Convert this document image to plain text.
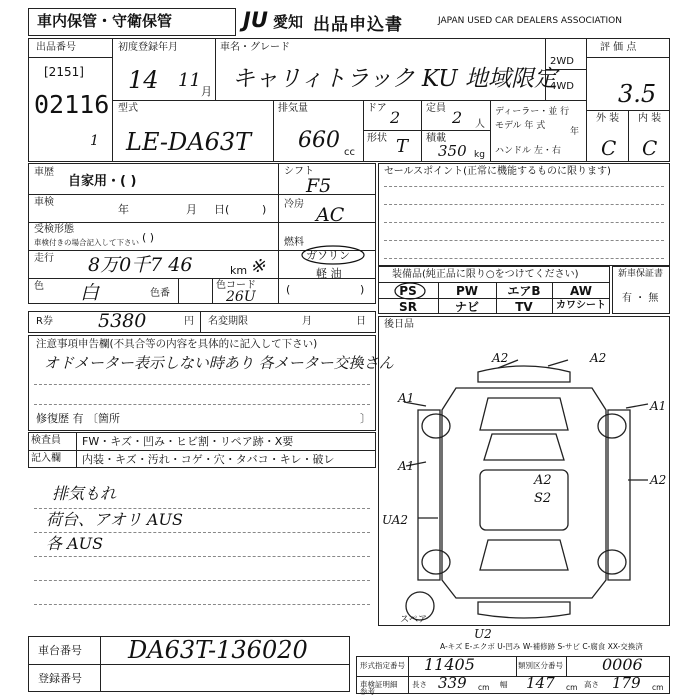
車内保管・守衛保管	JU 愛知 出品申込書	JAPAN USED CAR DEALERS ASSOCIATION
出品番号
[2151]
02116
1
初度登録年月
14 11
月
車名・グレード
キャリィトラック KU 地域限定
2WD
4WD
評 価 点
3.5
外 装 内 装
C C
型式
LE-DA63T
排気量
660 cc
ドア 2	定員 2 人
形状 T 積載
350 kg
ディーラー・並 行
モデル 年 式
年
ハンドル 左・右
車歴
自家用・( )
車検
年	月 日(	)
受検形態
車検付きの場合記入して下さい ( )
走行 8万0千7 46	km ※
色 白	色番
色コード
26U
シフト
F5
冷房 AC
燃料
ガソリン
軽 油
(	)
セールスポイント(正常に機能するものに限ります)
装備品(純正品に限り○をつけてください)
PS	PW	エアB	AW
SR	ナビ	TV	カワシート
新車保証書
有 ・ 無
R券 5380	円 名変期限	月	日
注意事項申告欄(不具合等の内容を具体的に記入して下さい)
オドメーター表示しない時あり 各メーター交換さん
修復歴 有 〔箇所	〕
検査員
記入欄
FW・キズ・凹み・ヒビ割・リペア跡・X要
内装・キズ・汚れ・コゲ・穴・タバコ・キレ・破レ
排気もれ
荷台、アオリ AUS
各 AUS
後日品
A2	A2
A1
A1
A1
A2
A2
S2
UA2
U2
スペア
A-キズ E-エクボ U-凹み W-補修跡 S-サビ C-腐食 XX-交換済
車台番号 DA63T-136020
登録番号
形式指定番号 11405	類別区分番号 0006
車検証明細 参考
長さ 339 cm 幅 147 cm 高さ 179 cm
